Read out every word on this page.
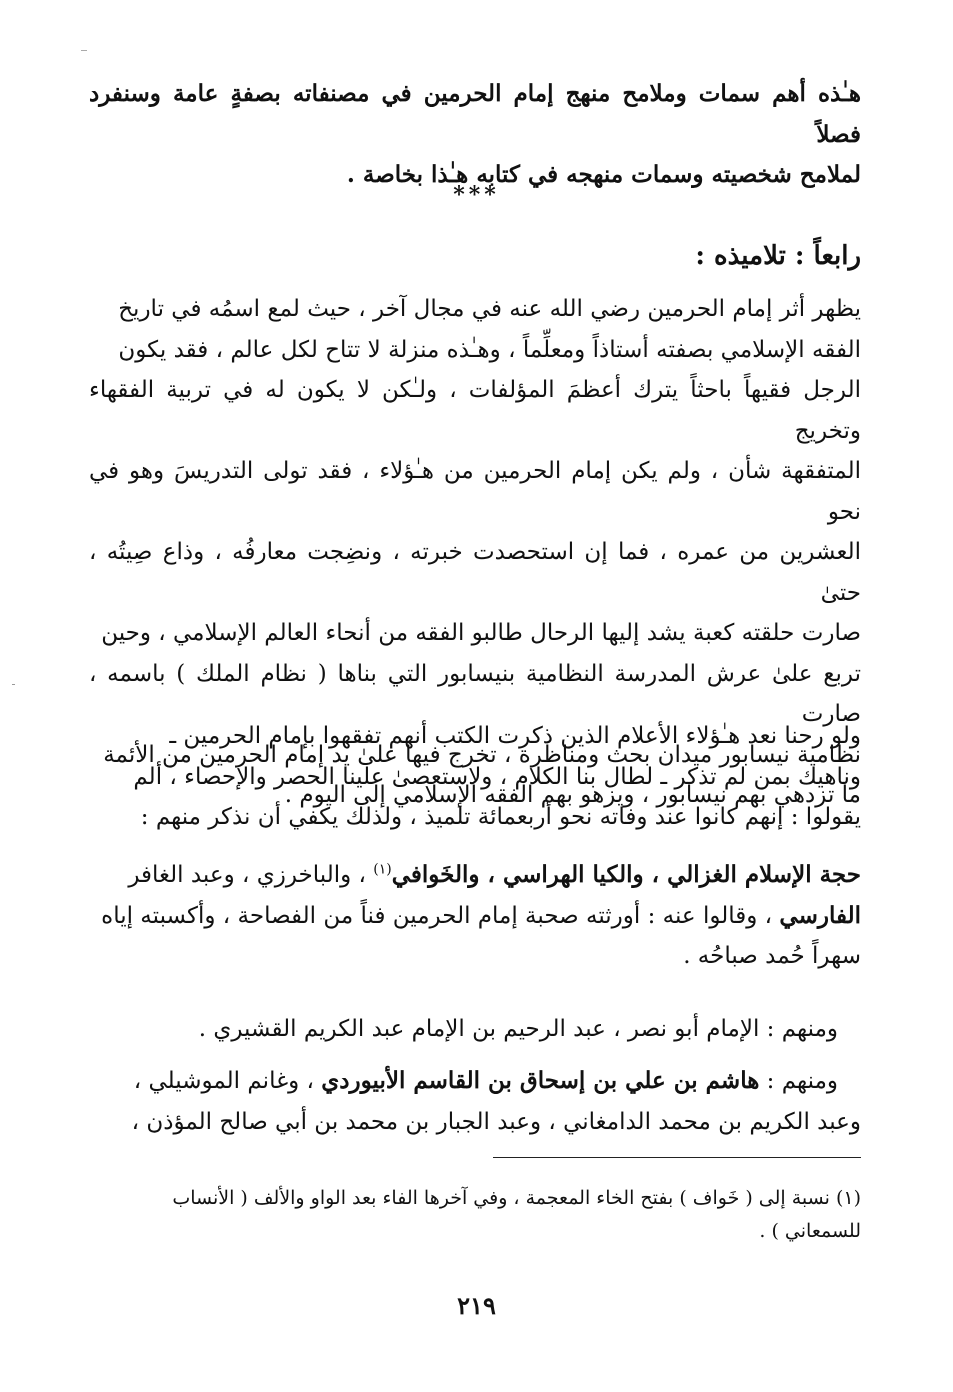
هـٰذه أهم سمات وملامح منهج إمام الحرمين في مصنفاته بصفةٍ عامة وسنفرد فصلاً

لملامح شخصيته وسمات منهجه في كتابه هـٰذا بخاصة .

***
رابعاً : تلاميذه :

يظهر أثر إمام الحرمين رضي الله عنه في مجال آخر ، حيث لمع اسمُه في تاريخ

الفقه الإسلامي بصفته أستاذاً ومعلِّماً ، وهـٰذه منزلة لا تتاح لكل عالم ، فقد يكون

الرجل فقيهاً باحثاً يترك أعظمَ المؤلفات ، ولـٰكن لا يكون له في تربية الفقهاء وتخريج

المتفقهة شأن ، ولم يكن إمام الحرمين من هـٰؤلاء ، فقد تولى التدريسَ وهو في نحو

العشرين من عمره ، فما إن استحصدت خبرته ، ونضِجت معارفُه ، وذاع صِيتُه ، حتىٰ

صارت حلقته كعبة يشد إليها الرحال طالبو الفقه من أنحاء العالم الإسلامي ، وحين

تربع علىٰ عرش المدرسة النظامية بنيسابور التي بناها ( نظام الملك ) باسمه ، صارت

نظامية نيسابور ميدان بحث ومناظرة ، تخرج فيها علىٰ يد إمام الحرمين من الأئمة

ما تزدهي بهم نيسابور ، ويزهو بهم الفقه الإسلامي إلى اليوم .

ولو رحنا نعد هـٰؤلاء الأعلام الذين ذكرت الكتب أنهم تفقهوا بإمام الحرمين ـ

وناهيك بمن لم تذكر ـ لطال بنا الكلام ، ولاستعصىٰ علينا الحصر والإحصاء ، ألم

يقولوا : إنهم كانوا عند وفاته نحو أربعمائة تلميذ ، ولذلك يكفي أن نذكر منهم :

حجة الإسلام الغزالي ، والكيا الهراسي ، والخَوافي$^{(١)}$ ، والباخرزي ، وعبد الغافر

الفارسي ، وقالوا عنه : أورثته صحبة إمام الحرمين فناً من الفصاحة ، وأكسبته إياه

سهراً حُمد صباحُه .

 ومنهم : الإمام أبو نصر ، عبد الرحيم بن الإمام عبد الكريم القشيري .

 ومنهم : هاشم بن علي بن إسحاق بن القاسم الأبيوردي ، وغانم الموشيلي ،

وعبد الكريم بن محمد الدامغاني ، وعبد الجبار بن محمد بن أبي صالح المؤذن ،

(١) نسبة إلى ( خَواف ) بفتح الخاء المعجمة ، وفي آخرها الفاء بعد الواو والألف ( الأنساب

للسمعاني ) .

٢١٩
